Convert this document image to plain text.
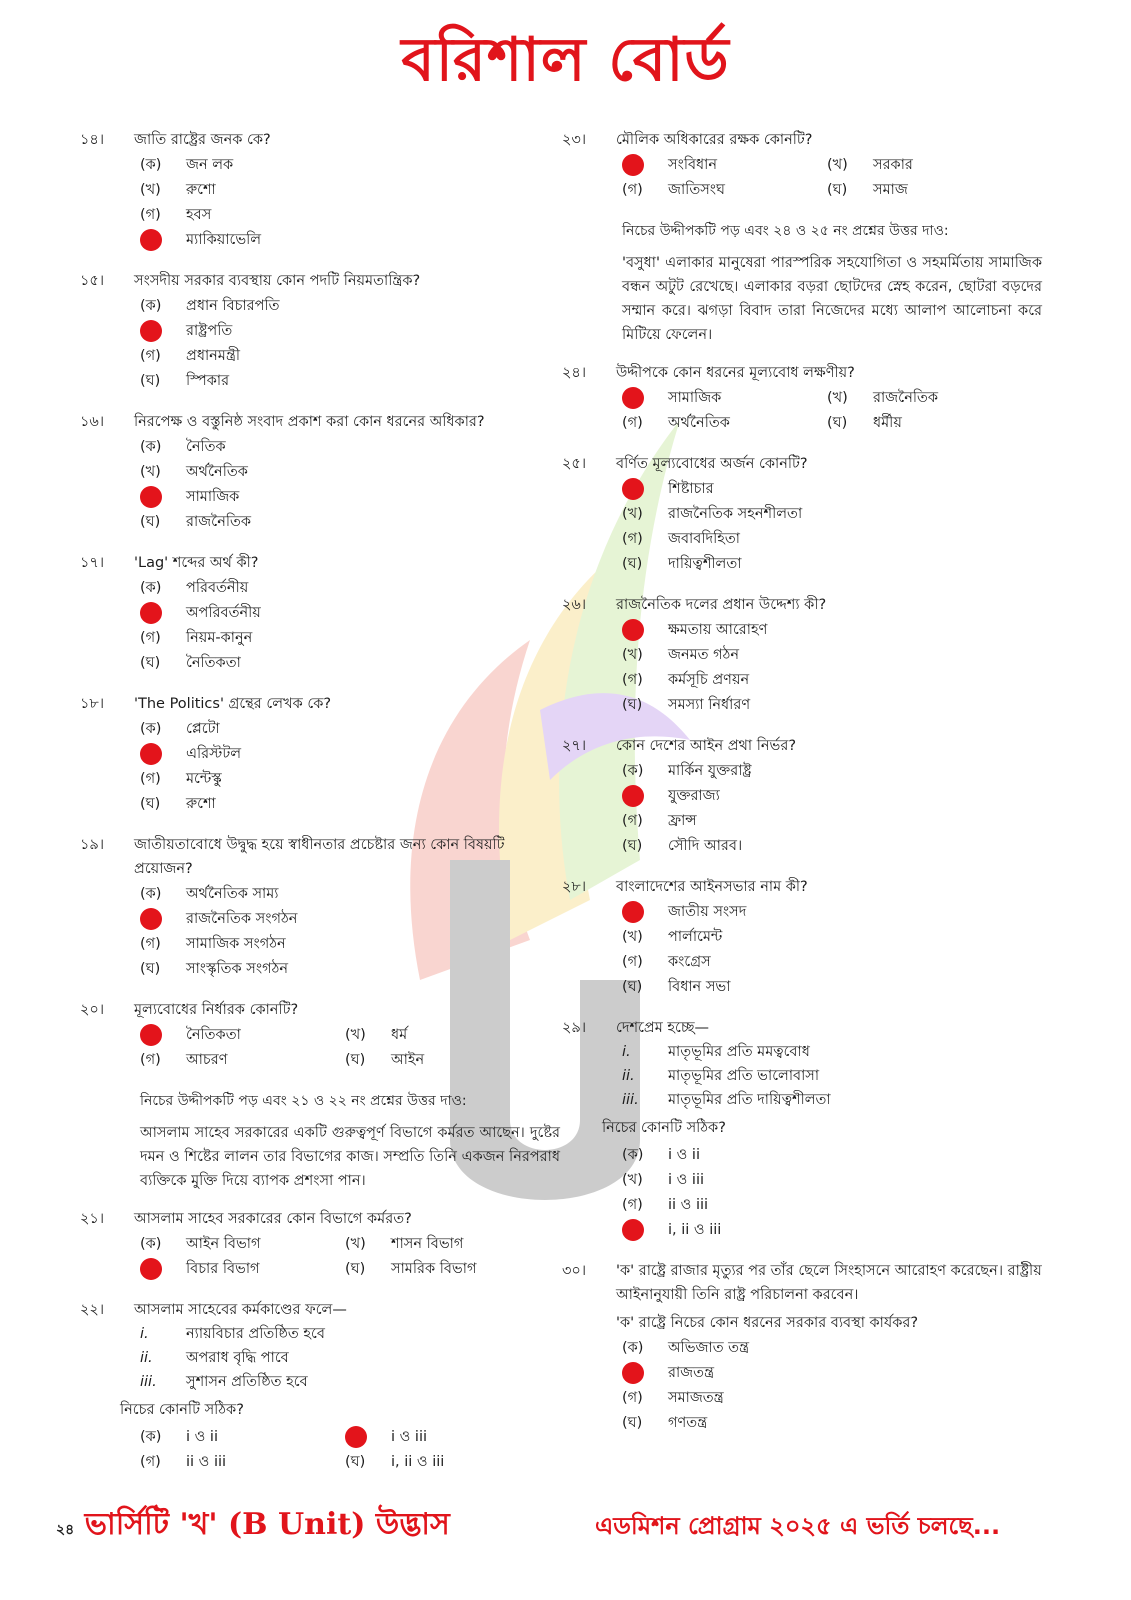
বরিশাল বোর্ড
১৪।	জাতি রাষ্ট্রের জনক কে?
(ক)	জন লক
(খ)	রুশো
(গ)	হবস
ম্যাকিয়াভেলি
১৫।	সংসদীয় সরকার ব্যবস্থায় কোন পদটি নিয়মতান্ত্রিক?
(ক)	প্রধান বিচারপতি
রাষ্ট্রপতি
(গ)	প্রধানমন্ত্রী
(ঘ)	স্পিকার
১৬।	নিরপেক্ষ ও বস্তুনিষ্ঠ সংবাদ প্রকাশ করা কোন ধরনের অধিকার?
(ক)	নৈতিক
(খ)	অর্থনৈতিক
সামাজিক
(ঘ)	রাজনৈতিক
১৭।	'Lag' শব্দের অর্থ কী?
(ক)	পরিবর্তনীয়
অপরিবর্তনীয়
(গ)	নিয়ম-কানুন
(ঘ)	নৈতিকতা
১৮।	'The Politics' গ্রন্থের লেখক কে?
(ক)	প্লেটো
এরিস্টটল
(গ)	মন্টেস্কু
(ঘ)	রুশো
১৯।	জাতীয়তাবোধে উদ্বুদ্ধ হয়ে স্বাধীনতার প্রচেষ্টার জন্য কোন বিষয়টি প্রয়োজন?
(ক)	অর্থনৈতিক সাম্য
রাজনৈতিক সংগঠন
(গ)	সামাজিক সংগঠন
(ঘ)	সাংস্কৃতিক সংগঠন
২০।	মূল্যবোধের নির্ধারক কোনটি?
নৈতিকতা	(খ)	ধর্ম
(গ)	আচরণ	(ঘ)	আইন
নিচের উদ্দীপকটি পড় এবং ২১ ও ২২ নং প্রশ্নের উত্তর দাও:
আসলাম সাহেব সরকারের একটি গুরুত্বপূর্ণ বিভাগে কর্মরত আছেন। দুষ্টের দমন ও শিষ্টের লালন তার বিভাগের কাজ। সম্প্রতি তিনি একজন নিরপরাধ ব্যক্তিকে মুক্তি দিয়ে ব্যাপক প্রশংসা পান।
২১।	আসলাম সাহেব সরকারের কোন বিভাগে কর্মরত?
(ক)	আইন বিভাগ	(খ)	শাসন বিভাগ
বিচার বিভাগ	(ঘ)	সামরিক বিভাগ
২২।	আসলাম সাহেবের কর্মকাণ্ডের ফলে—
i.	ন্যায়বিচার প্রতিষ্ঠিত হবে
ii.	অপরাধ বৃদ্ধি পাবে
iii.	সুশাসন প্রতিষ্ঠিত হবে
নিচের কোনটি সঠিক?
(ক)	i ও ii	i ও iii
(গ)	ii ও iii	(ঘ)	i, ii ও iii
২৩।	মৌলিক অধিকারের রক্ষক কোনটি?
সংবিধান	(খ)	সরকার
(গ)	জাতিসংঘ	(ঘ)	সমাজ
নিচের উদ্দীপকটি পড় এবং ২৪ ও ২৫ নং প্রশ্নের উত্তর দাও:
'বসুধা' এলাকার মানুষেরা পারস্পরিক সহযোগিতা ও সহমর্মিতায় সামাজিক বন্ধন অটুট রেখেছে। এলাকার বড়রা ছোটদের স্নেহ করেন, ছোটরা বড়দের সম্মান করে। ঝগড়া বিবাদ তারা নিজেদের মধ্যে আলাপ আলোচনা করে মিটিয়ে ফেলেন।
২৪।	উদ্দীপকে কোন ধরনের মূল্যবোধ লক্ষণীয়?
সামাজিক	(খ)	রাজনৈতিক
(গ)	অর্থনৈতিক	(ঘ)	ধর্মীয়
২৫।	বর্ণিত মূল্যবোধের অর্জন কোনটি?
শিষ্টাচার
(খ)	রাজনৈতিক সহনশীলতা
(গ)	জবাবদিহিতা
(ঘ)	দায়িত্বশীলতা
২৬।	রাজনৈতিক দলের প্রধান উদ্দেশ্য কী?
ক্ষমতায় আরোহণ
(খ)	জনমত গঠন
(গ)	কর্মসূচি প্রণয়ন
(ঘ)	সমস্যা নির্ধারণ
২৭।	কোন দেশের আইন প্রথা নির্ভর?
(ক)	মার্কিন যুক্তরাষ্ট্র
যুক্তরাজ্য
(গ)	ফ্রান্স
(ঘ)	সৌদি আরব।
২৮।	বাংলাদেশের আইনসভার নাম কী?
জাতীয় সংসদ
(খ)	পার্লামেন্ট
(গ)	কংগ্রেস
(ঘ)	বিধান সভা
২৯।	দেশপ্রেম হচ্ছে—
i.	মাতৃভূমির প্রতি মমত্ববোধ
ii.	মাতৃভূমির প্রতি ভালোবাসা
iii.	মাতৃভূমির প্রতি দায়িত্বশীলতা
নিচের কোনটি সঠিক?
(ক)	i ও ii
(খ)	i ও iii
(গ)	ii ও iii
i, ii ও iii
৩০।	'ক' রাষ্ট্রে রাজার মৃত্যুর পর তাঁর ছেলে সিংহাসনে আরোহণ করেছেন। রাষ্ট্রীয় আইনানুযায়ী তিনি রাষ্ট্র পরিচালনা করবেন।
'ক' রাষ্ট্রে নিচের কোন ধরনের সরকার ব্যবস্থা কার্যকর?
(ক)	অভিজাত তন্ত্র
রাজতন্ত্র
(গ)	সমাজতন্ত্র
(ঘ)	গণতন্ত্র
২৪ ভার্সিটি 'খ' (B Unit) উদ্ভাস	এডমিশন প্রোগ্রাম ২০২৫ এ ভর্তি চলছে...
